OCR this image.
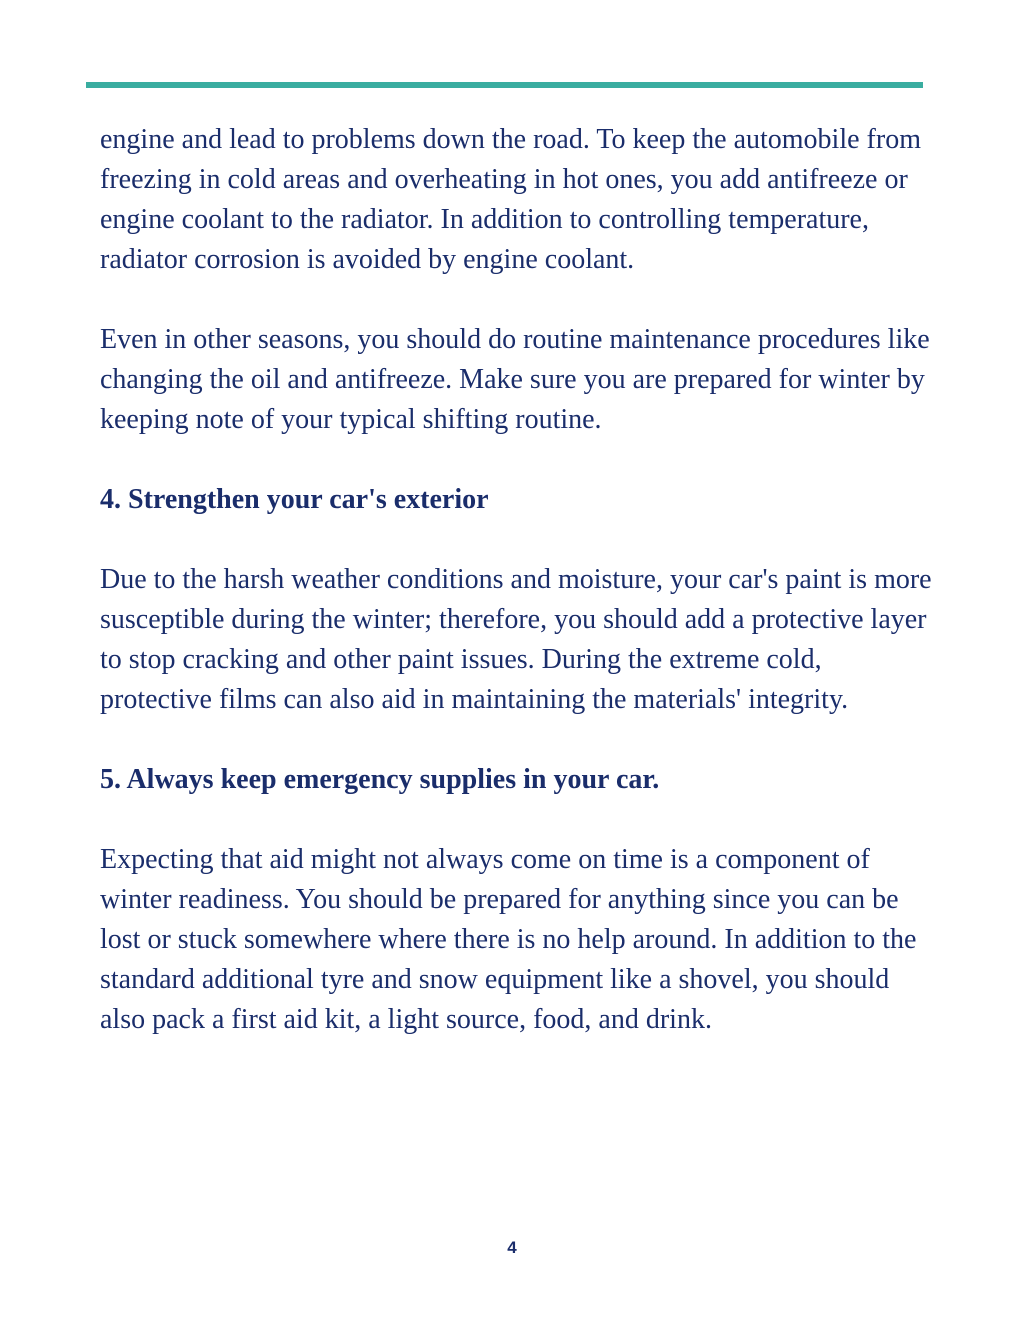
engine and lead to problems down the road. To keep the automobile from freezing in cold areas and overheating in hot ones, you add antifreeze or engine coolant to the radiator. In addition to controlling temperature, radiator corrosion is avoided by engine coolant.

Even in other seasons, you should do routine maintenance procedures like changing the oil and antifreeze. Make sure you are prepared for winter by keeping note of your typical shifting routine.

4. Strengthen your car's exterior

Due to the harsh weather conditions and moisture, your car's paint is more susceptible during the winter; therefore, you should add a protective layer to stop cracking and other paint issues. During the extreme cold, protective films can also aid in maintaining the materials' integrity.

5. Always keep emergency supplies in your car.

Expecting that aid might not always come on time is a component of winter readiness. You should be prepared for anything since you can be lost or stuck somewhere where there is no help around. In addition to the standard additional tyre and snow equipment like a shovel, you should also pack a first aid kit, a light source, food, and drink.

4
